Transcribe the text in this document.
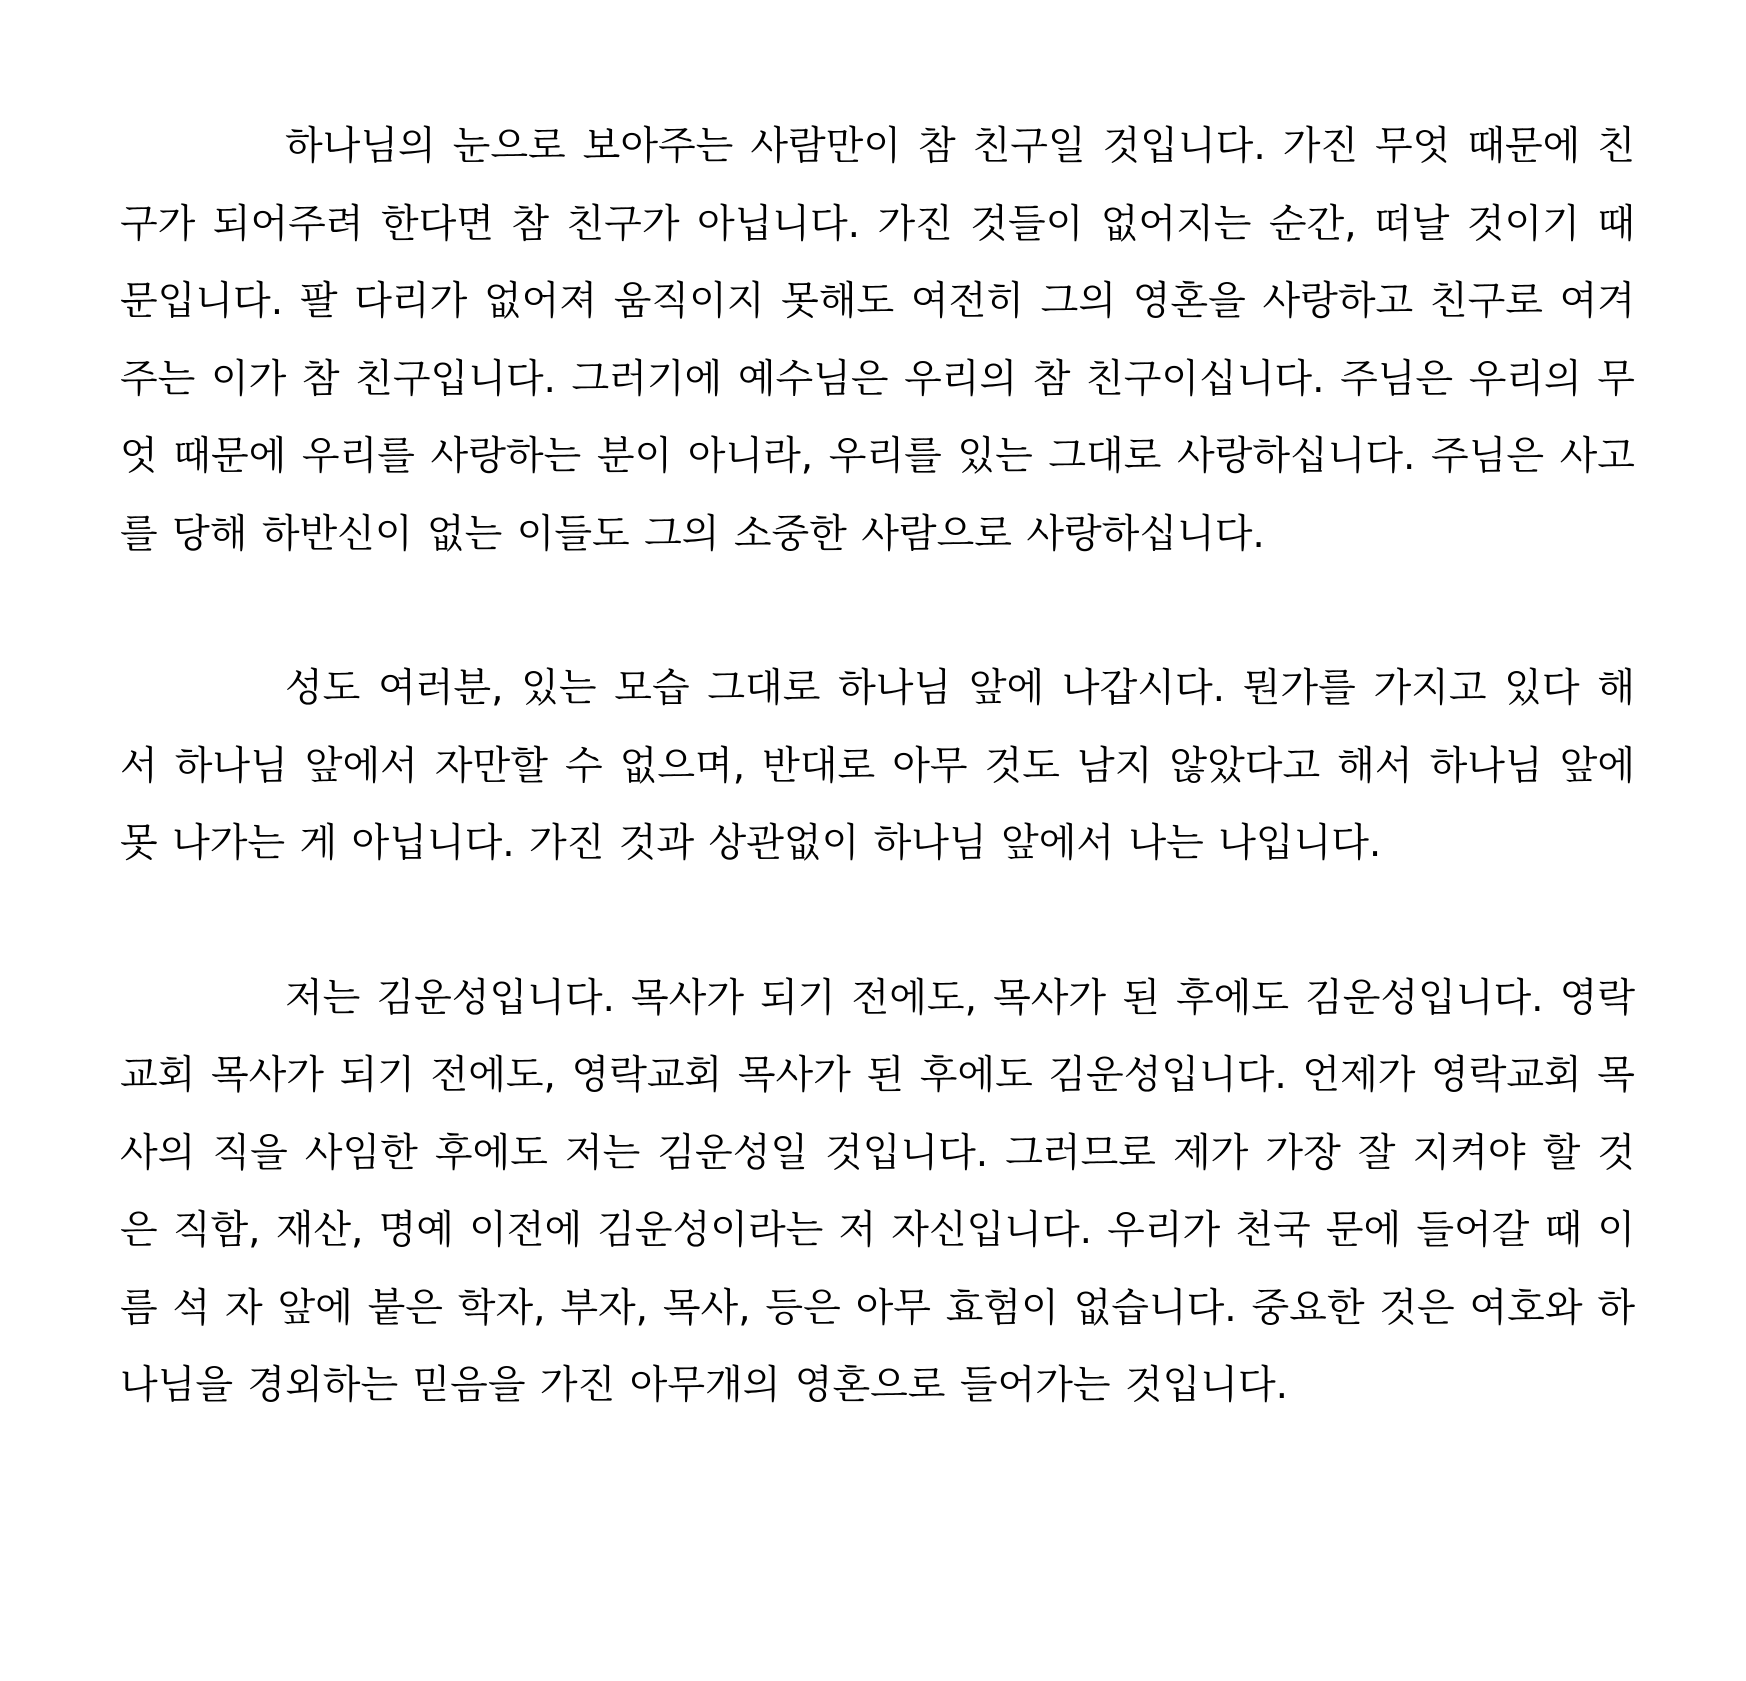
하나님의 눈으로 보아주는 사람만이 참 친구일 것입니다. 가진 무엇 때문에 친구가 되어주려 한다면 참 친구가 아닙니다. 가진 것들이 없어지는 순간, 떠날 것이기 때문입니다. 팔 다리가 없어져 움직이지 못해도 여전히 그의 영혼을 사랑하고 친구로 여겨주는 이가 참 친구입니다. 그러기에 예수님은 우리의 참 친구이십니다. 주님은 우리의 무엇 때문에 우리를 사랑하는 분이 아니라, 우리를 있는 그대로 사랑하십니다. 주님은 사고를 당해 하반신이 없는 이들도 그의 소중한 사람으로 사랑하십니다.

성도 여러분, 있는 모습 그대로 하나님 앞에 나갑시다. 뭔가를 가지고 있다 해서 하나님 앞에서 자만할 수 없으며, 반대로 아무 것도 남지 않았다고 해서 하나님 앞에 못 나가는 게 아닙니다. 가진 것과 상관없이 하나님 앞에서 나는 나입니다.

저는 김운성입니다. 목사가 되기 전에도, 목사가 된 후에도 김운성입니다. 영락교회 목사가 되기 전에도, 영락교회 목사가 된 후에도 김운성입니다. 언제가 영락교회 목사의 직을 사임한 후에도 저는 김운성일 것입니다. 그러므로 제가 가장 잘 지켜야 할 것은 직함, 재산, 명예 이전에 김운성이라는 저 자신입니다. 우리가 천국 문에 들어갈 때 이름 석 자 앞에 붙은 학자, 부자, 목사, 등은 아무 효험이 없습니다. 중요한 것은 여호와 하나님을 경외하는 믿음을 가진 아무개의 영혼으로 들어가는 것입니다.
